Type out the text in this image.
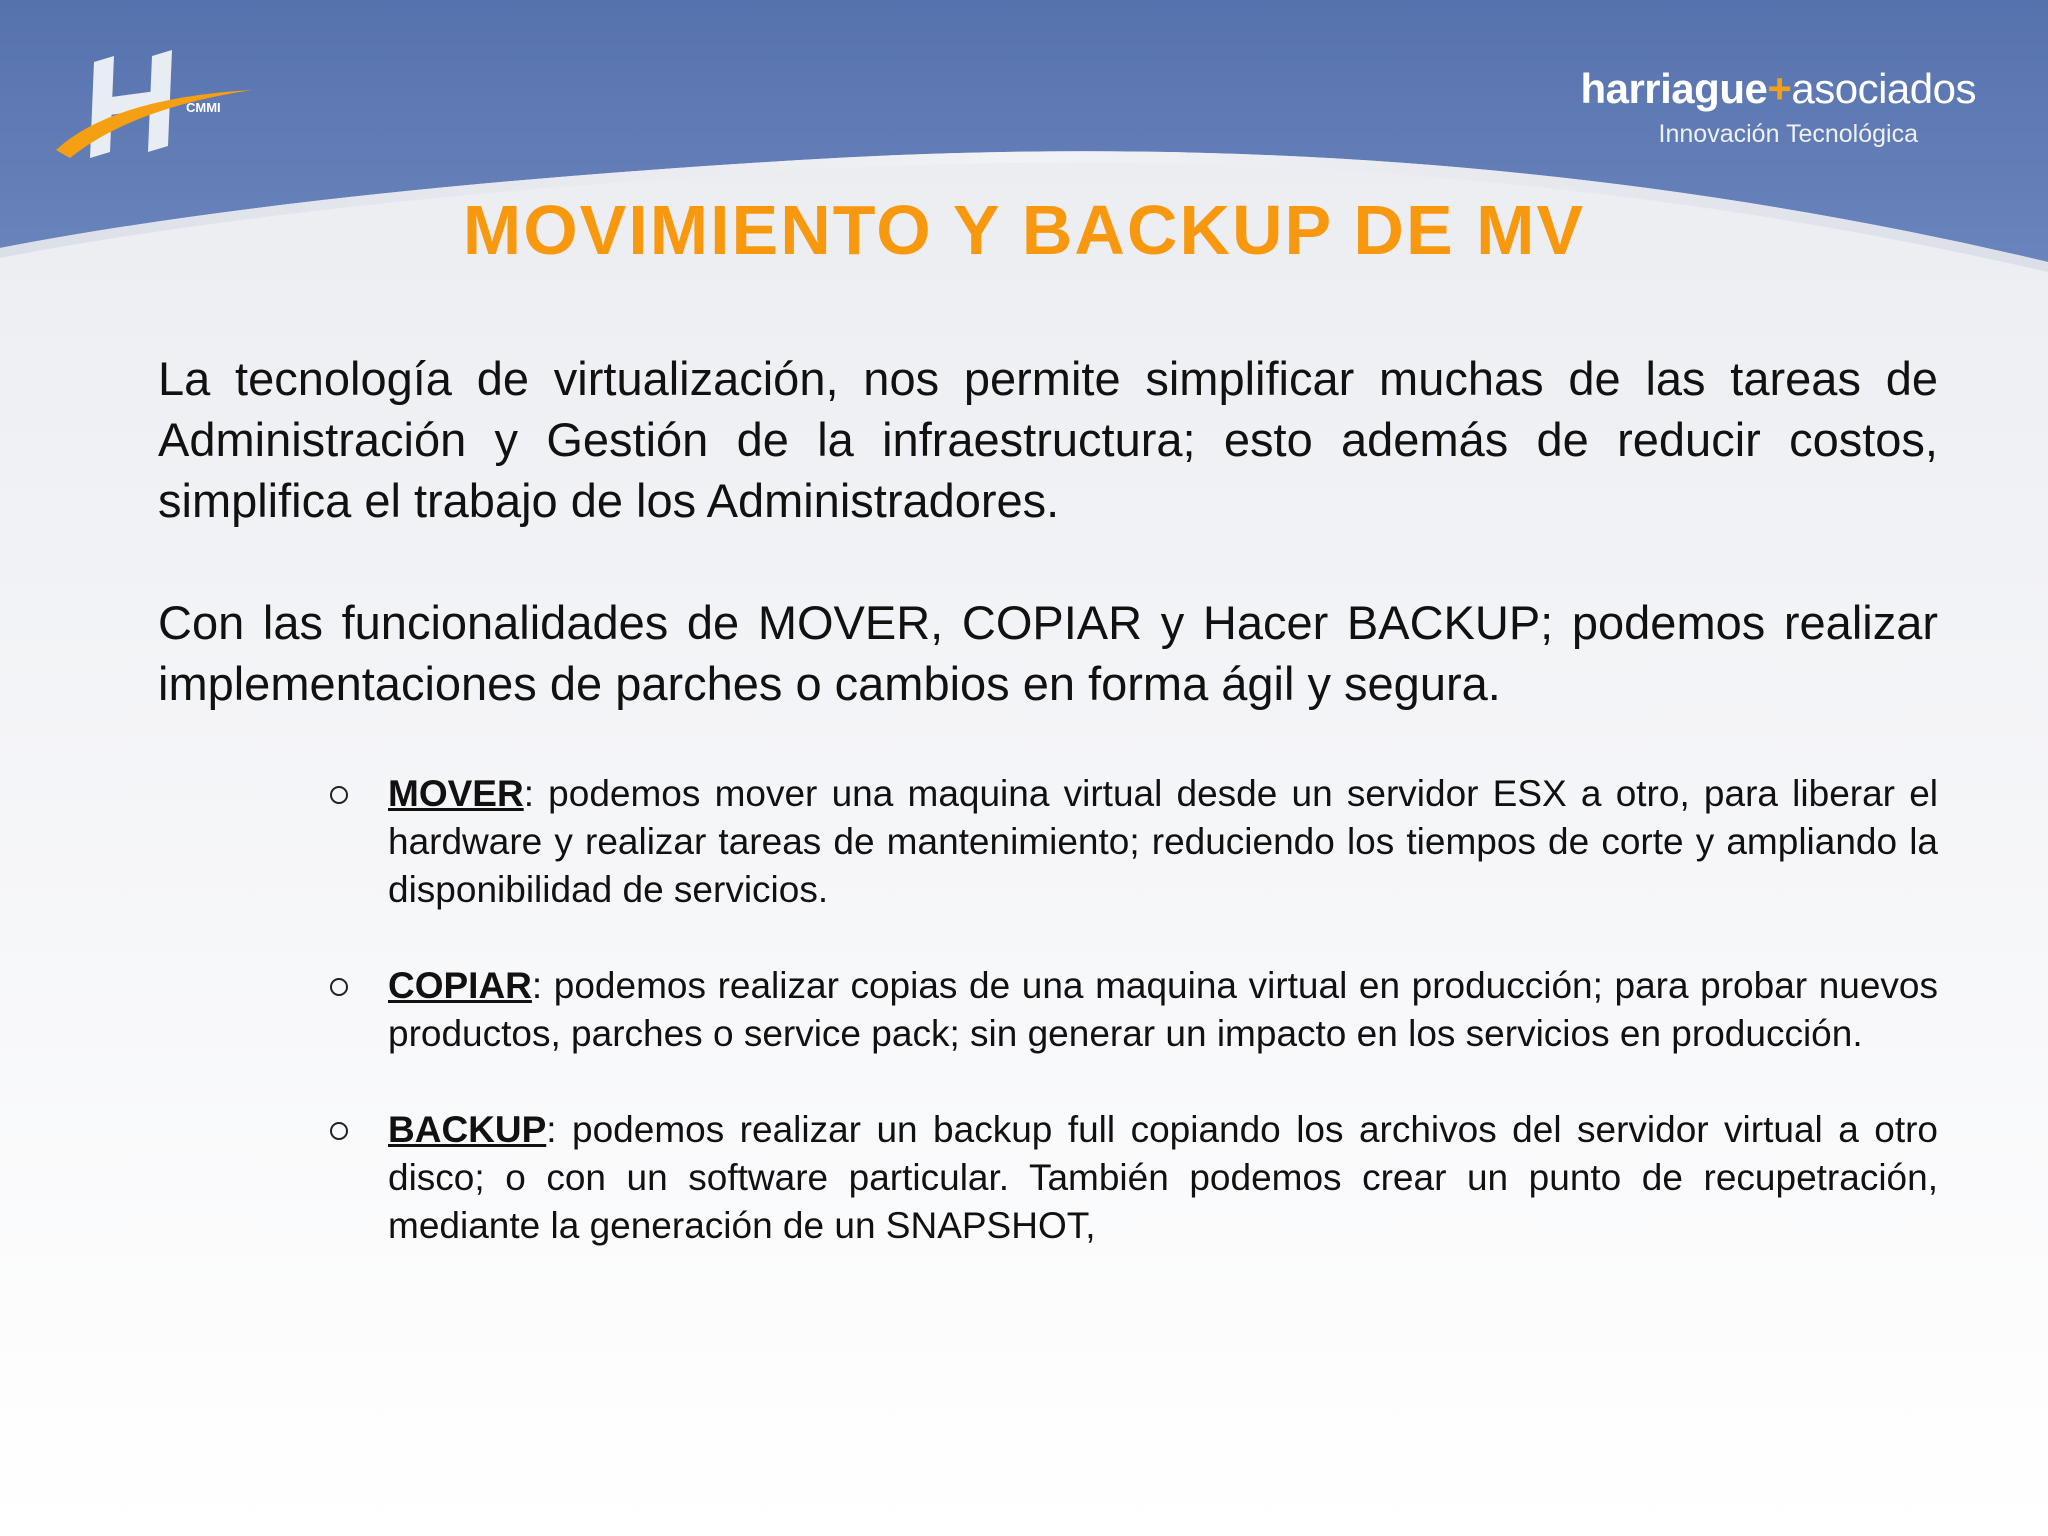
CMMI	harriague+asociados
Innovación Tecnológica
MOVIMIENTO Y BACKUP DE MV

La tecnología de virtualización, nos permite simplificar muchas de las tareas de Administración y Gestión de la infraestructura; esto además de reducir costos, simplifica el trabajo de los Administradores.

Con las funcionalidades de MOVER, COPIAR y Hacer BACKUP; podemos realizar implementaciones de parches o cambios en forma ágil y segura.

MOVER: podemos mover una maquina virtual desde un servidor ESX a otro, para liberar el hardware y realizar tareas de mantenimiento; reduciendo los tiempos de corte y ampliando la disponibilidad de servicios.
COPIAR: podemos realizar copias de una maquina virtual en producción; para probar nuevos productos, parches o service pack; sin generar un impacto en los servicios en producción.
BACKUP: podemos realizar un backup full copiando los archivos del servidor virtual a otro disco; o con un software particular. También podemos crear un punto de recupetración, mediante la generación de un SNAPSHOT,
